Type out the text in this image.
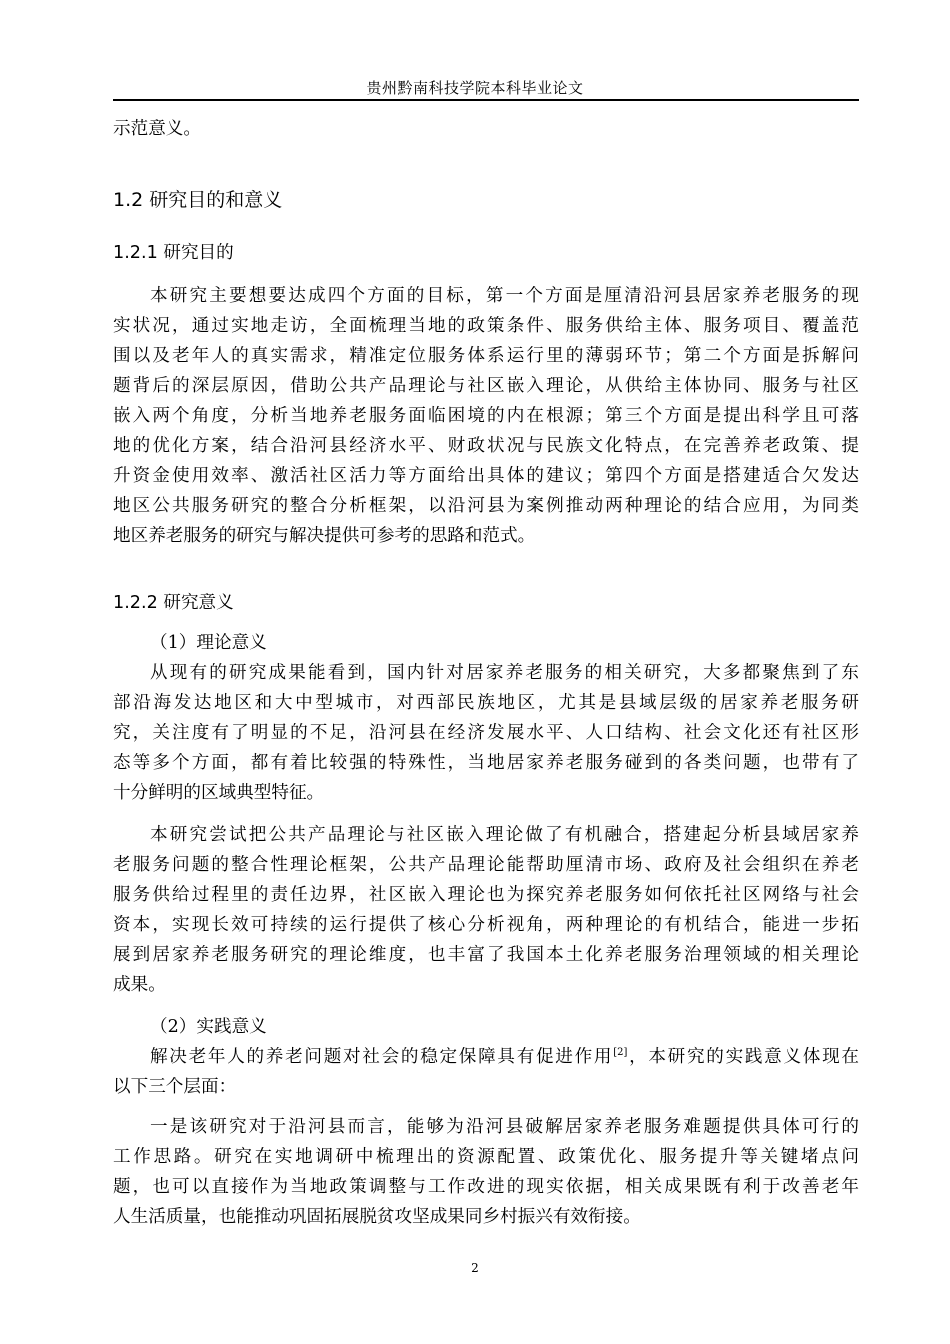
贵州黔南科技学院本科毕业论文
示范意义。
1.2 研究目的和意义
1.2.1 研究目的
本研究主要想要达成四个方面的目标，第一个方面是厘清沿河县居家养老服务的现
实状况，通过实地走访，全面梳理当地的政策条件、服务供给主体、服务项目、覆盖范
围以及老年人的真实需求，精准定位服务体系运行里的薄弱环节；第二个方面是拆解问
题背后的深层原因，借助公共产品理论与社区嵌入理论，从供给主体协同、服务与社区
嵌入两个角度，分析当地养老服务面临困境的内在根源；第三个方面是提出科学且可落
地的优化方案，结合沿河县经济水平、财政状况与民族文化特点，在完善养老政策、提
升资金使用效率、激活社区活力等方面给出具体的建议；第四个方面是搭建适合欠发达
地区公共服务研究的整合分析框架，以沿河县为案例推动两种理论的结合应用，为同类
地区养老服务的研究与解决提供可参考的思路和范式。
1.2.2 研究意义
（1）理论意义
从现有的研究成果能看到，国内针对居家养老服务的相关研究，大多都聚焦到了东
部沿海发达地区和大中型城市，对西部民族地区，尤其是县域层级的居家养老服务研
究，关注度有了明显的不足，沿河县在经济发展水平、人口结构、社会文化还有社区形
态等多个方面，都有着比较强的特殊性，当地居家养老服务碰到的各类问题，也带有了
十分鲜明的区域典型特征。
本研究尝试把公共产品理论与社区嵌入理论做了有机融合，搭建起分析县域居家养
老服务问题的整合性理论框架，公共产品理论能帮助厘清市场、政府及社会组织在养老
服务供给过程里的责任边界，社区嵌入理论也为探究养老服务如何依托社区网络与社会
资本，实现长效可持续的运行提供了核心分析视角，两种理论的有机结合，能进一步拓
展到居家养老服务研究的理论维度，也丰富了我国本土化养老服务治理领域的相关理论
成果。
（2）实践意义
解决老年人的养老问题对社会的稳定保障具有促进作用[2]，本研究的实践意义体现在
以下三个层面：
一是该研究对于沿河县而言，能够为沿河县破解居家养老服务难题提供具体可行的
工作思路。研究在实地调研中梳理出的资源配置、政策优化、服务提升等关键堵点问
题，也可以直接作为当地政策调整与工作改进的现实依据，相关成果既有利于改善老年
人生活质量，也能推动巩固拓展脱贫攻坚成果同乡村振兴有效衔接。
2
